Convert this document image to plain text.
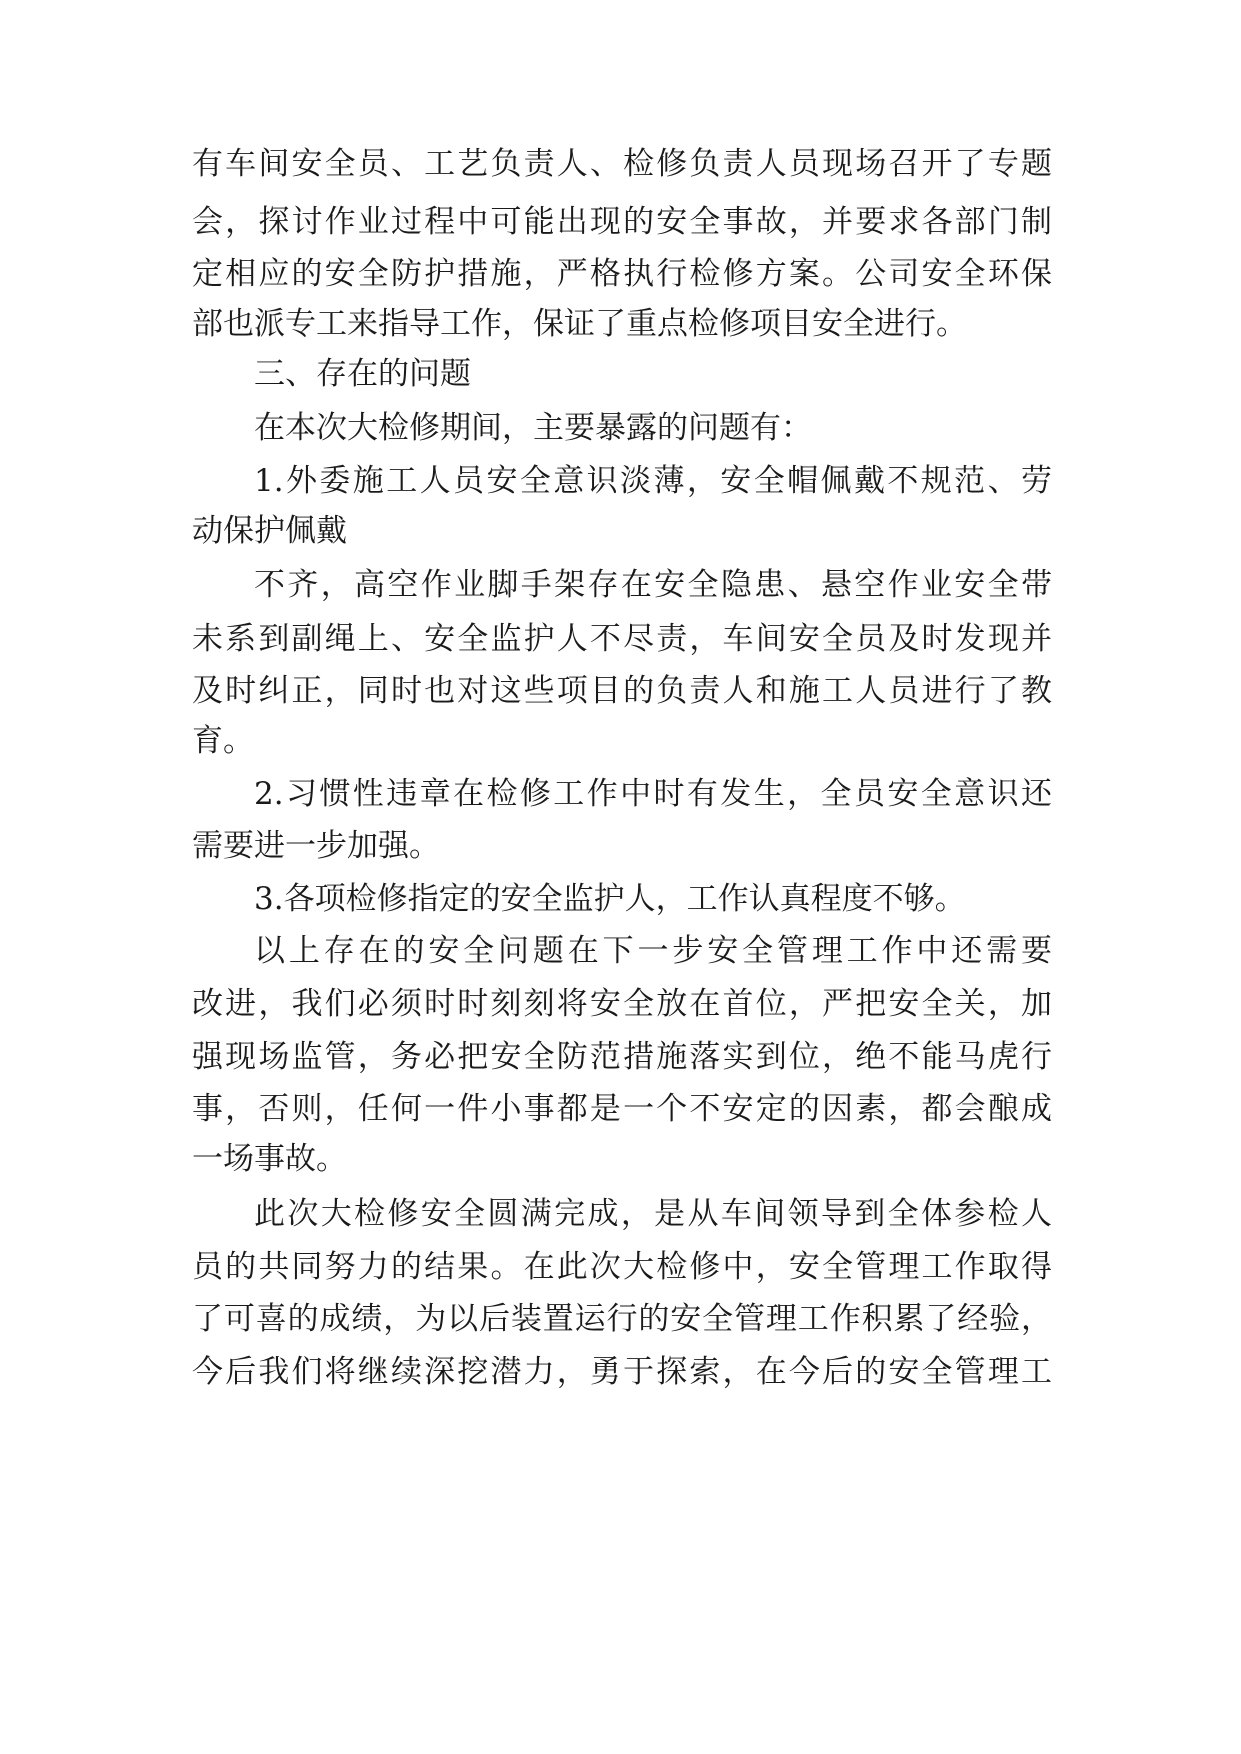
有车间安全员、工艺负责人、检修负责人员现场召开了专题
会，探讨作业过程中可能出现的安全事故，并要求各部门制
定相应的安全防护措施，严格执行检修方案。公司安全环保
部也派专工来指导工作，保证了重点检修项目安全进行。
三、存在的问题
在本次大检修期间，主要暴露的问题有：
1.外委施工人员安全意识淡薄，安全帽佩戴不规范、劳
动保护佩戴
不齐，高空作业脚手架存在安全隐患、悬空作业安全带
未系到副绳上、安全监护人不尽责，车间安全员及时发现并
及时纠正，同时也对这些项目的负责人和施工人员进行了教
育。
2.习惯性违章在检修工作中时有发生，全员安全意识还
需要进一步加强。
3.各项检修指定的安全监护人，工作认真程度不够。
以上存在的安全问题在下一步安全管理工作中还需要
改进，我们必须时时刻刻将安全放在首位，严把安全关，加
强现场监管，务必把安全防范措施落实到位，绝不能马虎行
事，否则，任何一件小事都是一个不安定的因素，都会酿成
一场事故。
此次大检修安全圆满完成，是从车间领导到全体参检人
员的共同努力的结果。在此次大检修中，安全管理工作取得
了可喜的成绩，为以后装置运行的安全管理工作积累了经验，
今后我们将继续深挖潜力，勇于探索，在今后的安全管理工
